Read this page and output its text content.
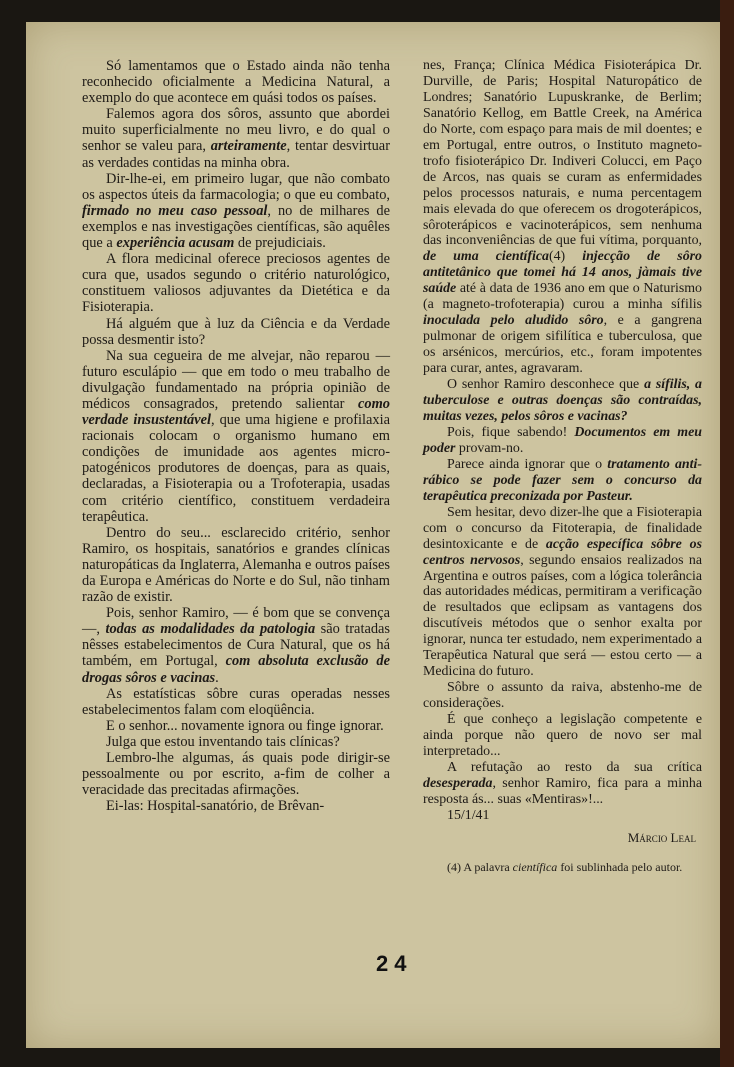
Só lamentamos que o Estado ainda não tenha reconhecido oficialmente a Medicina Natural, a exemplo do que acontece em quási todos os países.

Falemos agora dos sôros, assunto que abordei muito superficialmente no meu livro, e do qual o senhor se valeu para, arteiramente, tentar desvirtuar as verdades contidas na minha obra.

Dir-lhe-ei, em primeiro lugar, que não combato os aspectos úteis da farmacologia; o que eu combato, firmado no meu caso pessoal, no de milhares de exemplos e nas investigações científicas, são aquêles que a experiência acusam de prejudiciais.

A flora medicinal oferece preciosos agentes de cura que, usados segundo o critério naturológico, constituem valiosos adjuvantes da Dietética e da Fisioterapia.

Há alguém que à luz da Ciência e da Verdade possa desmentir isto?

Na sua cegueira de me alvejar, não reparou — futuro esculápio — que em todo o meu trabalho de divulgação fundamentado na própria opinião de médicos consagrados, pretendo salientar como verdade insustentável, que uma higiene e profilaxia racionais colocam o organismo humano em condições de imunidade aos agentes micro-patogénicos produtores de doenças, para as quais, declaradas, a Fisioterapia ou a Trofoterapia, usadas com critério científico, constituem verdadeira terapêutica.

Dentro do seu... esclarecido critério, senhor Ramiro, os hospitais, sanatórios e grandes clínicas naturopáticas da Inglaterra, Alemanha e outros países da Europa e Américas do Norte e do Sul, não tinham razão de existir.

Pois, senhor Ramiro, — é bom que se convença —, todas as modalidades da patologia são tratadas nêsses estabelecimentos de Cura Natural, que os há também, em Portugal, com absoluta exclusão de drogas sôros e vacinas.

As estatísticas sôbre curas operadas nesses estabelecimentos falam com eloqüência.

E o senhor... novamente ignora ou finge ignorar.

Julga que estou inventando tais clínicas?

Lembro-lhe algumas, ás quais pode dirigir-se pessoalmente ou por escrito, a-fim de colher a veracidade das precitadas afirmações.

Ei-las: Hospital-sanatório, de Brêvan-

nes, França; Clínica Médica Fisioterápica Dr. Durville, de Paris; Hospital Naturopático de Londres; Sanatório Lupuskranke, de Berlim; Sanatório Kellog, em Battle Creek, na América do Norte, com espaço para mais de mil doentes; e em Portugal, entre outros, o Instituto magneto-trofo fisioterápico Dr. Indiveri Colucci, em Paço de Arcos, nas quais se curam as enfermidades pelos processos naturais, e numa percentagem mais elevada do que oferecem os drogoterápicos, sôroterápicos e vacinoterápicos, sem nenhuma das inconveniências de que fui vítima, porquanto, de uma científica(4) injecção de sôro antitetânico que tomei há 14 anos, jàmais tive saúde até à data de 1936 ano em que o Naturismo (a magneto-trofoterapia) curou a minha sífilis inoculada pelo aludido sôro, e a gangrena pulmonar de origem sifilítica e tuberculosa, que os arsénicos, mercúrios, etc., foram impotentes para curar, antes, agravaram.

O senhor Ramiro desconhece que a sífilis, a tuberculose e outras doenças são contraídas, muitas vezes, pelos sôros e vacinas?

Pois, fique sabendo! Documentos em meu poder provam-no.

Parece ainda ignorar que o tratamento anti-rábico se pode fazer sem o concurso da terapêutica preconizada por Pasteur.

Sem hesitar, devo dizer-lhe que a Fisioterapia com o concurso da Fitoterapia, de finalidade desintoxicante e de acção específica sôbre os centros nervosos, segundo ensaios realizados na Argentina e outros países, com a lógica tolerância das autoridades médicas, permitiram a verificação de resultados que eclipsam as vantagens dos discutíveis métodos que o senhor exalta por ignorar, nunca ter estudado, nem experimentado a Terapêutica Natural que será — estou certo — a Medicina do futuro.

Sôbre o assunto da raiva, abstenho-me de considerações.

É que conheço a legislação competente e ainda porque não quero de novo ser mal interpretado...

A refutação ao resto da sua crítica desesperada, senhor Ramiro, fica para a minha resposta ás... suas «Mentiras»!...

15/1/41

Márcio Leal
(4) A palavra científica foi sublinhada pelo autor.
24
